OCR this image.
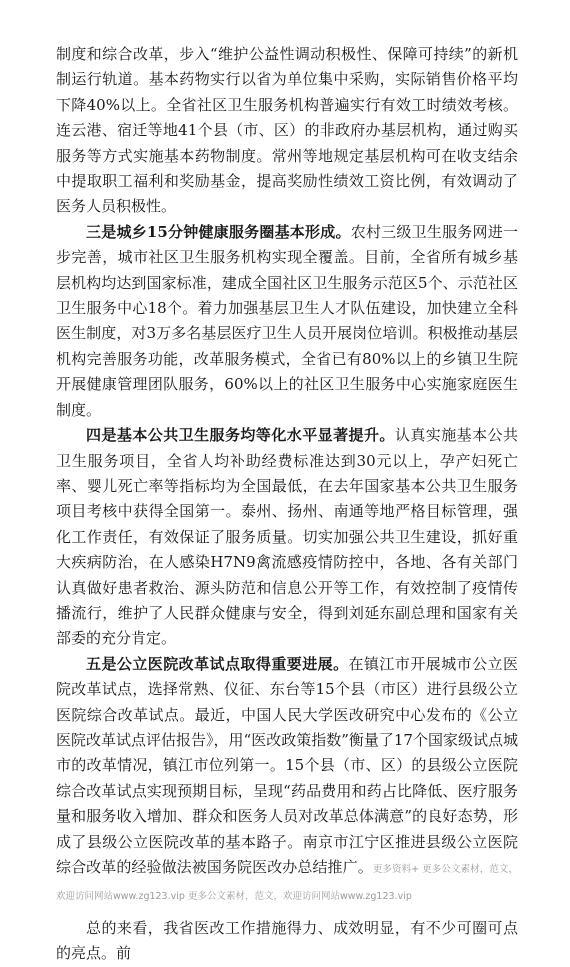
制度和综合改革，步入“维护公益性调动积极性、保障可持续”的新机制运行轨道。基本药物实行以省为单位集中采购，实际销售价格平均下降40%以上。全省社区卫生服务机构普遍实行有效工时绩效考核。连云港、宿迁等地41个县（市、区）的非政府办基层机构，通过购买服务等方式实施基本药物制度。常州等地规定基层机构可在收支结余中提取职工福利和奖励基金，提高奖励性绩效工资比例，有效调动了医务人员积极性。

三是城乡15分钟健康服务圈基本形成。农村三级卫生服务网进一步完善，城市社区卫生服务机构实现全覆盖。目前，全省所有城乡基层机构均达到国家标准，建成全国社区卫生服务示范区5个、示范社区卫生服务中心18个。着力加强基层卫生人才队伍建设，加快建立全科医生制度，对3万多名基层医疗卫生人员开展岗位培训。积极推动基层机构完善服务功能，改革服务模式，全省已有80%以上的乡镇卫生院开展健康管理团队服务，60%以上的社区卫生服务中心实施家庭医生制度。

四是基本公共卫生服务均等化水平显著提升。认真实施基本公共卫生服务项目，全省人均补助经费标准达到30元以上，孕产妇死亡率、婴儿死亡率等指标均为全国最低，在去年国家基本公共卫生服务项目考核中获得全国第一。泰州、扬州、南通等地严格目标管理，强化工作责任，有效保证了服务质量。切实加强公共卫生建设，抓好重大疾病防治，在人感染H7N9禽流感疫情防控中，各地、各有关部门认真做好患者救治、源头防范和信息公开等工作，有效控制了疫情传播流行，维护了人民群众健康与安全，得到刘延东副总理和国家有关部委的充分肯定。

五是公立医院改革试点取得重要进展。在镇江市开展城市公立医院改革试点，选择常熟、仪征、东台等15个县（市区）进行县级公立医院综合改革试点。最近，中国人民大学医改研究中心发布的《公立医院改革试点评估报告》，用“医改政策指数”衡量了17个国家级试点城市的改革情况，镇江市位列第一。15个县（市、区）的县级公立医院综合改革试点实现预期目标，呈现“药品费用和药占比降低、医疗服务量和服务收入增加、群众和医务人员对改革总体满意”的良好态势，形成了县级公立医院改革的基本路子。南京市江宁区推进县级公立医院综合改革的经验做法被国务院医改办总结推广。更多资料+ 更多公文素材，范文，欢迎访问网站www.zg123.vip 更多公文素材，范文，欢迎访问网站www.zg123.vip

总的来看，我省医改工作措施得力、成效明显，有不少可圈可点的亮点。前
